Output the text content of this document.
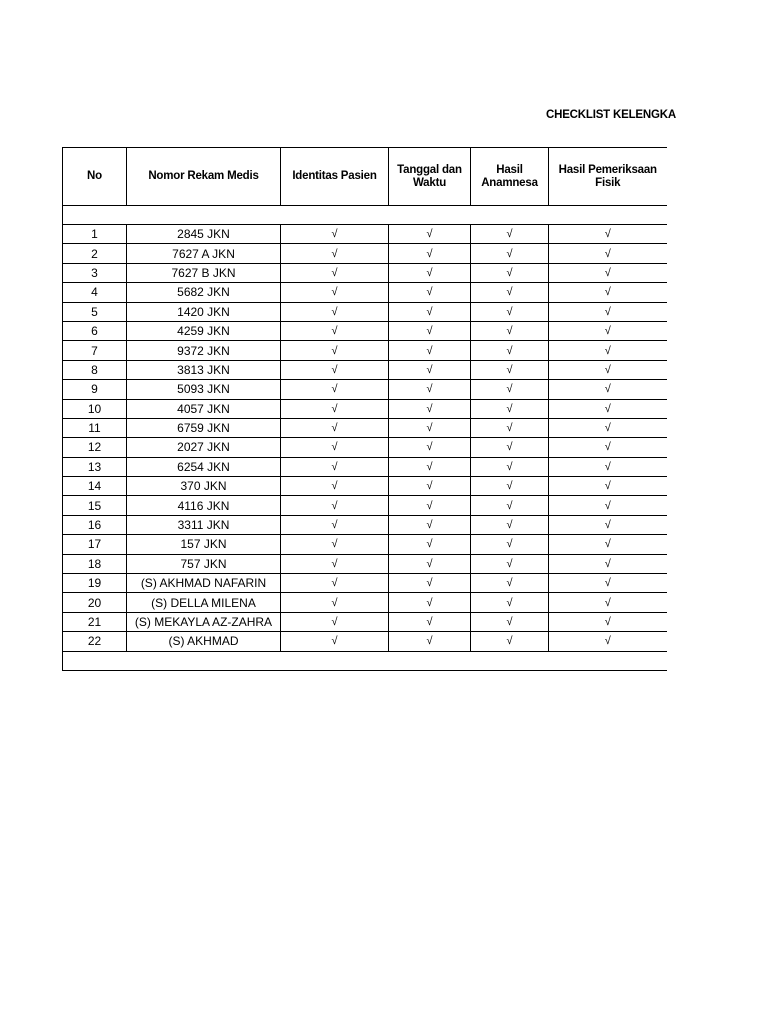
CHECKLIST KELENGKA
No	Nomor Rekam Medis	Identitas Pasien	Tanggal dan Waktu	Hasil Anamnesa	Hasil Pemeriksaan Fisik

1	2845 JKN	√	√	√	√
2	7627 A JKN	√	√	√	√
3	7627 B JKN	√	√	√	√
4	5682 JKN	√	√	√	√
5	1420 JKN	√	√	√	√
6	4259 JKN	√	√	√	√
7	9372 JKN	√	√	√	√
8	3813 JKN	√	√	√	√
9	5093 JKN	√	√	√	√
10	4057 JKN	√	√	√	√
11	6759 JKN	√	√	√	√
12	2027 JKN	√	√	√	√
13	6254 JKN	√	√	√	√
14	370 JKN	√	√	√	√
15	4116 JKN	√	√	√	√
16	3311 JKN	√	√	√	√
17	157 JKN	√	√	√	√
18	757 JKN	√	√	√	√
19	(S) AKHMAD NAFARIN	√	√	√	√
20	(S) DELLA MILENA	√	√	√	√
21	(S) MEKAYLA AZ-ZAHRA	√	√	√	√
22	(S) AKHMAD	√	√	√	√
